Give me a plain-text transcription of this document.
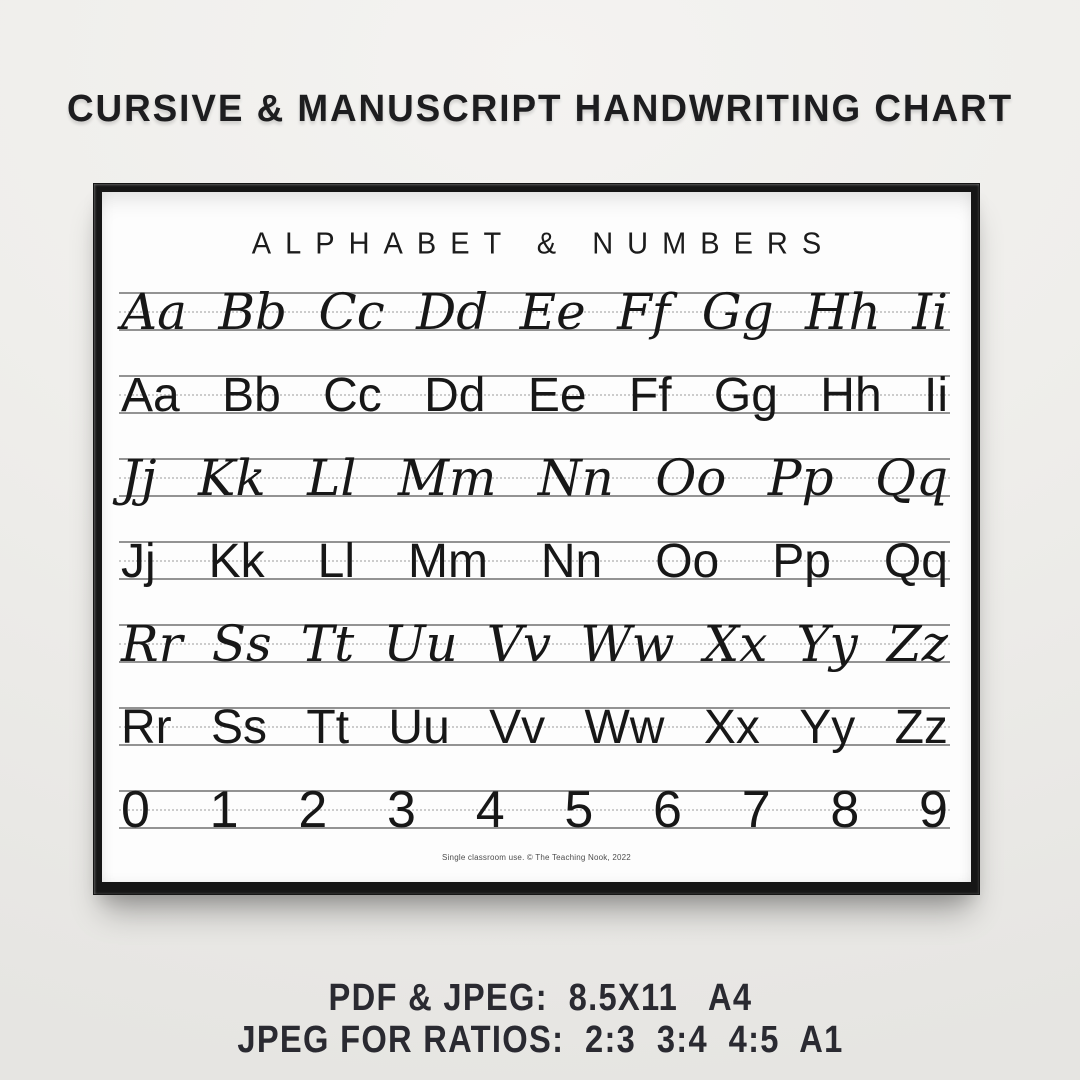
CURSIVE & MANUSCRIPT HANDWRITING CHART
ALPHABET & NUMBERS
Aa Bb Cc Dd Ee Ff Gg Hh Ii
Aa Bb Cc Dd Ee Ff Gg Hh Ii
Jj Kk Ll Mm Nn Oo Pp Qq
Jj Kk Ll Mm Nn Oo Pp Qq
Rr Ss Tt Uu Vv Ww Xx Yy Zz
Rr Ss Tt Uu Vv Ww Xx Yy Zz
0 1 2 3 4 5 6 7 8 9
Single classroom use. © The Teaching Nook, 2022
PDF & JPEG:  8.5X11   A4
JPEG FOR RATIOS:  2:3  3:4  4:5  A1
